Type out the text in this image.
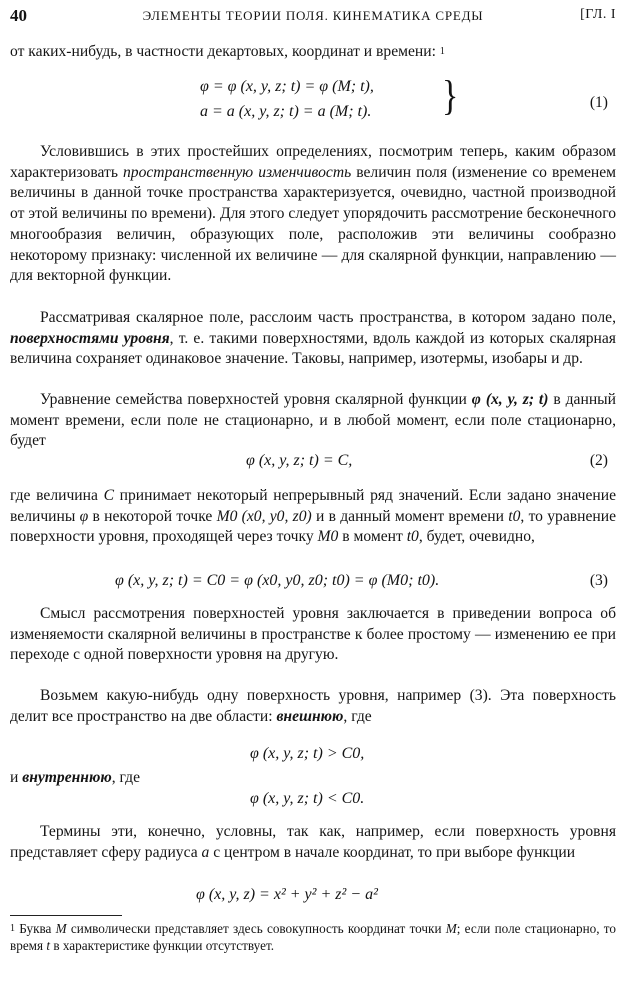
40	ЭЛЕМЕНТЫ ТЕОРИИ ПОЛЯ. КИНЕМАТИКА СРЕДЫ	[ГЛ. I

от каких-нибудь, в частности декартовых, координат и времени: $^1$

φ = φ (x, y, z; t) = φ (M; t),
a = a (x, y, z; t) = a (M; t). }	(1)

Условившись в этих простейших определениях, посмотрим теперь, каким образом характеризовать пространственную изменчивость величин поля (изменение со временем величины в данной точке пространства характеризуется, очевидно, частной производной от этой величины по времени). Для этого следует упорядочить рассмотрение бесконечного многообразия величин, образующих поле, расположив эти величины сообразно некоторому признаку: численной их величине — для скалярной функции, направлению — для векторной функции.

Рассматривая скалярное поле, расслоим часть пространства, в котором задано поле, поверхностями уровня, т. е. такими поверхностями, вдоль каждой из которых скалярная величина сохраняет одинаковое значение. Таковы, например, изотермы, изобары и др.

Уравнение семейства поверхностей уровня скалярной функции φ (x, y, z; t) в данный момент времени, если поле не стационарно, и в любой момент, если поле стационарно, будет

φ (x, y, z; t) = C,	(2)

где величина C принимает некоторый непрерывный ряд значений. Если задано значение величины φ в некоторой точке M0 (x0, y0, z0) и в данный момент времени t0, то уравнение поверхности уровня, проходящей через точку M0 в момент t0, будет, очевидно,

φ (x, y, z; t) = C0 = φ (x0, y0, z0; t0) = φ (M0; t0).	(3)

Смысл рассмотрения поверхностей уровня заключается в приведении вопроса об изменяемости скалярной величины в пространстве к более простому — изменению ее при переходе с одной поверхности уровня на другую.

Возьмем какую-нибудь одну поверхность уровня, например (3). Эта поверхность делит все пространство на две области: внешнюю, где

φ (x, y, z; t) > C0,

и внутреннюю, где

φ (x, y, z; t) < C0.

Термины эти, конечно, условны, так как, например, если поверхность уровня представляет сферу радиуса a с центром в начале координат, то при выборе функции

φ (x, y, z) = x² + y² + z² − a²
$^1$ Буква M символически представляет здесь совокупность координат точки M; если поле стационарно, то время t в характеристике функции отсутствует.
